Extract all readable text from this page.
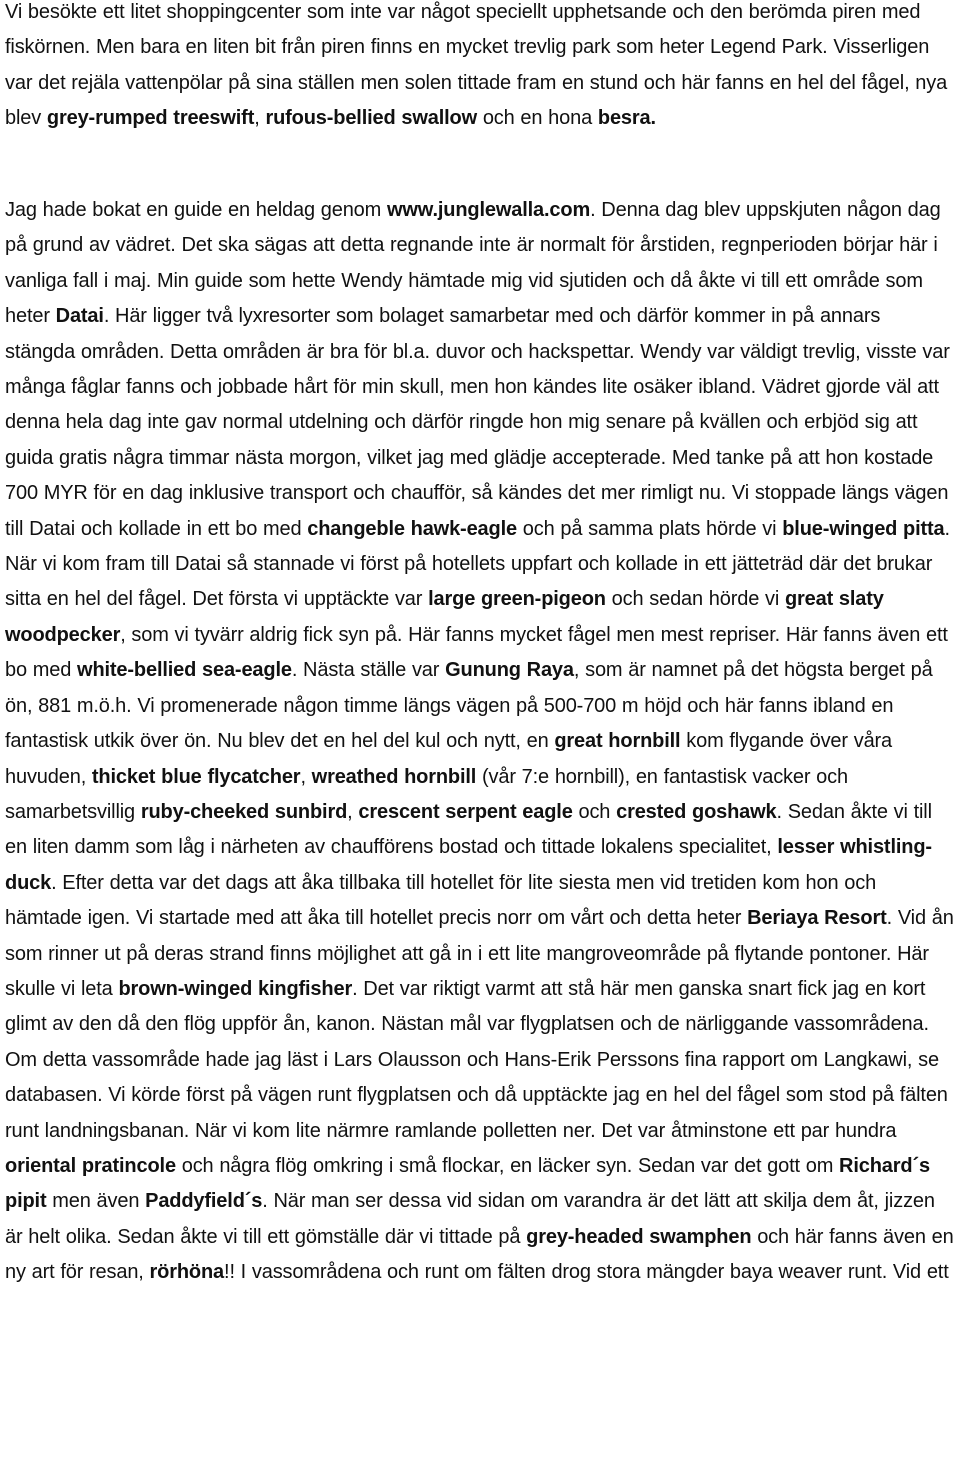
Vi besökte ett litet shoppingcenter som inte var något speciellt upphetsande och den berömda piren med fiskörnen. Men bara en liten bit från piren finns en mycket trevlig park som heter Legend Park. Visserligen var det rejäla vattenpölar på sina ställen men solen tittade fram en stund och här fanns en hel del fågel, nya blev grey-rumped treeswift, rufous-bellied swallow och en hona besra.

Jag hade bokat en guide en heldag genom www.junglewalla.com. Denna dag blev uppskjuten någon dag på grund av vädret. Det ska sägas att detta regnande inte är normalt för årstiden, regnperioden börjar här i vanliga fall i maj. Min guide som hette Wendy hämtade mig vid sjutiden och då åkte vi till ett område som heter Datai. Här ligger två lyxresorter som bolaget samarbetar med och därför kommer in på annars stängda områden. Detta områden är bra för bl.a. duvor och hackspettar. Wendy var väldigt trevlig, visste var många fåglar fanns och jobbade hårt för min skull, men hon kändes lite osäker ibland. Vädret gjorde väl att denna hela dag inte gav normal utdelning och därför ringde hon mig senare på kvällen och erbjöd sig att guida gratis några timmar nästa morgon, vilket jag med glädje accepterade. Med tanke på att hon kostade 700 MYR för en dag inklusive transport och chaufför, så kändes det mer rimligt nu. Vi stoppade längs vägen till Datai och kollade in ett bo med changeble hawk-eagle och på samma plats hörde vi blue-winged pitta. När vi kom fram till Datai så stannade vi först på hotellets uppfart och kollade in ett jätteträd där det brukar sitta en hel del fågel. Det första vi upptäckte var large green-pigeon och sedan hörde vi great slaty woodpecker, som vi tyvärr aldrig fick syn på. Här fanns mycket fågel men mest repriser. Här fanns även ett bo med white-bellied sea-eagle. Nästa ställe var Gunung Raya, som är namnet på det högsta berget på ön, 881 m.ö.h. Vi promenerade någon timme längs vägen på 500-700 m höjd och här fanns ibland en fantastisk utkik över ön. Nu blev det en hel del kul och nytt, en great hornbill kom flygande över våra huvuden, thicket blue flycatcher, wreathed hornbill (vår 7:e hornbill), en fantastisk vacker och samarbetsvillig ruby-cheeked sunbird, crescent serpent eagle och crested goshawk. Sedan åkte vi till en liten damm som låg i närheten av chaufförens bostad och tittade lokalens specialitet, lesser whistling-duck. Efter detta var det dags att åka tillbaka till hotellet för lite siesta men vid tretiden kom hon och hämtade igen. Vi startade med att åka till hotellet precis norr om vårt och detta heter Beriaya Resort. Vid ån som rinner ut på deras strand finns möjlighet att gå in i ett lite mangroveområde på flytande pontoner. Här skulle vi leta brown-winged kingfisher. Det var riktigt varmt att stå här men ganska snart fick jag en kort glimt av den då den flög uppför ån, kanon. Nästan mål var flygplatsen och de närliggande vassområdena. Om detta vassområde hade jag läst i Lars Olausson och Hans-Erik Perssons fina rapport om Langkawi, se databasen. Vi körde först på vägen runt flygplatsen och då upptäckte jag en hel del fågel som stod på fälten runt landningsbanan. När vi kom lite närmre ramlande polletten ner. Det var åtminstone ett par hundra oriental pratincole och några flög omkring i små flockar, en läcker syn. Sedan var det gott om Richard´s pipit men även Paddyfield´s. När man ser dessa vid sidan om varandra är det lätt att skilja dem åt, jizzen är helt olika. Sedan åkte vi till ett gömställe där vi tittade på grey-headed swamphen och här fanns även en ny art för resan, rörhöna!! I vassområdena och runt om fälten drog stora mängder baya weaver runt. Vid ett
